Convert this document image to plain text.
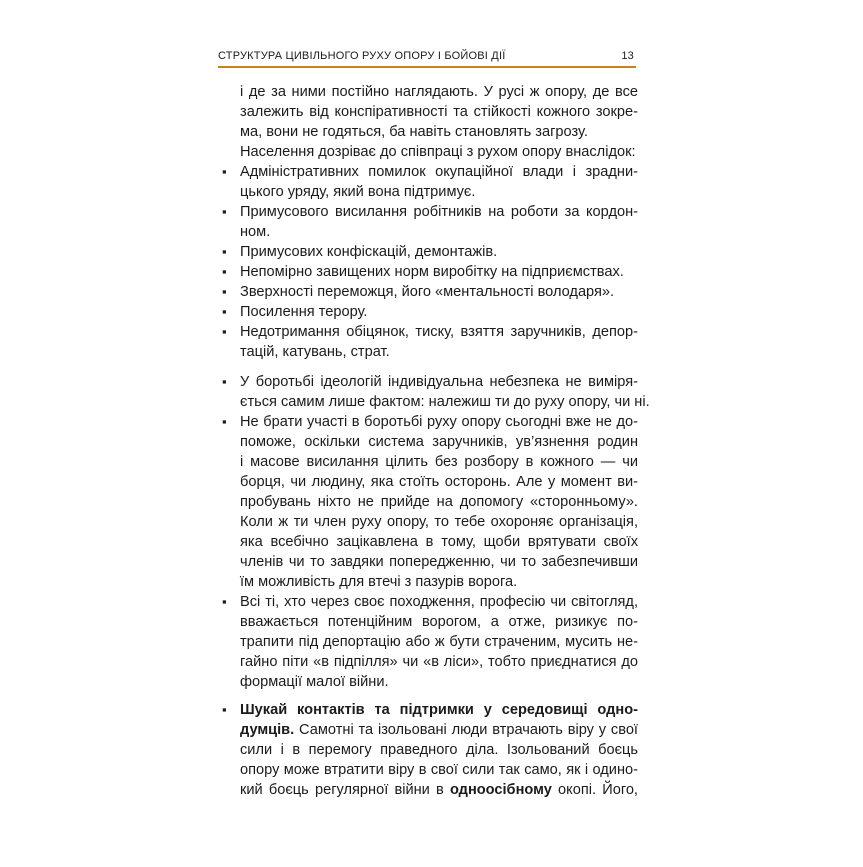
СТРУКТУРА ЦИВІЛЬНОГО РУХУ ОПОРУ І БОЙОВІ ДІЇ	13
і де за ними постійно наглядають. У русі ж опору, де все
залежить від конспіративності та стійкості кожного зокре-
ма, вони не годяться, ба навіть становлять загрозу.
Населення дозріває до співпраці з рухом опору внаслідок:
▪
Адміністративних помилок окупаційної влади і зрадни-
цького уряду, який вона підтримує.
▪
Примусового висилання робітників на роботи за кордон-
ном.
▪
Примусових конфіскацій, демонтажів.
▪
Непомірно завищених норм виробітку на підприємствах.
▪
Зверхності переможця, його «ментальності володаря».
▪
Посилення терору.
▪
Недотримання обіцянок, тиску, взяття заручників, депор-
тацій, катувань, страт.
▪
У боротьбі ідеологій індивідуальна небезпека не виміря-
ється самим лише фактом: належиш ти до руху опору, чи ні.
▪
Не брати участі в боротьбі руху опору сьогодні вже не до-
поможе, оскільки система заручників, ув’язнення родин
і масове висилання цілить без розбору в кожного — чи
борця, чи людину, яка стоїть осторонь. Але у момент ви-
пробувань ніхто не прийде на допомогу «сторонньому».
Коли ж ти член руху опору, то тебе охороняє організація,
яка всебічно зацікавлена в тому, щоби врятувати своїх
членів чи то завдяки попередженню, чи то забезпечивши
їм можливість для втечі з пазурів ворога.
▪
Всі ті, хто через своє походження, професію чи світогляд,
вважається потенційним ворогом, а отже, ризикує по-
трапити під депортацію або ж бути страченим, мусить не-
гайно піти «в підпілля» чи «в ліси», тобто приєднатися до
формації малої війни.
▪
Шукай контактів та підтримки у середовищі одно-
думців. Самотні та ізольовані люди втрачають віру у свої
сили і в перемогу праведного діла. Ізольований боєць
опору може втратити віру в свої сили так само, як і одино-
кий боєць регулярної війни в одноосібному окопі. Його,
